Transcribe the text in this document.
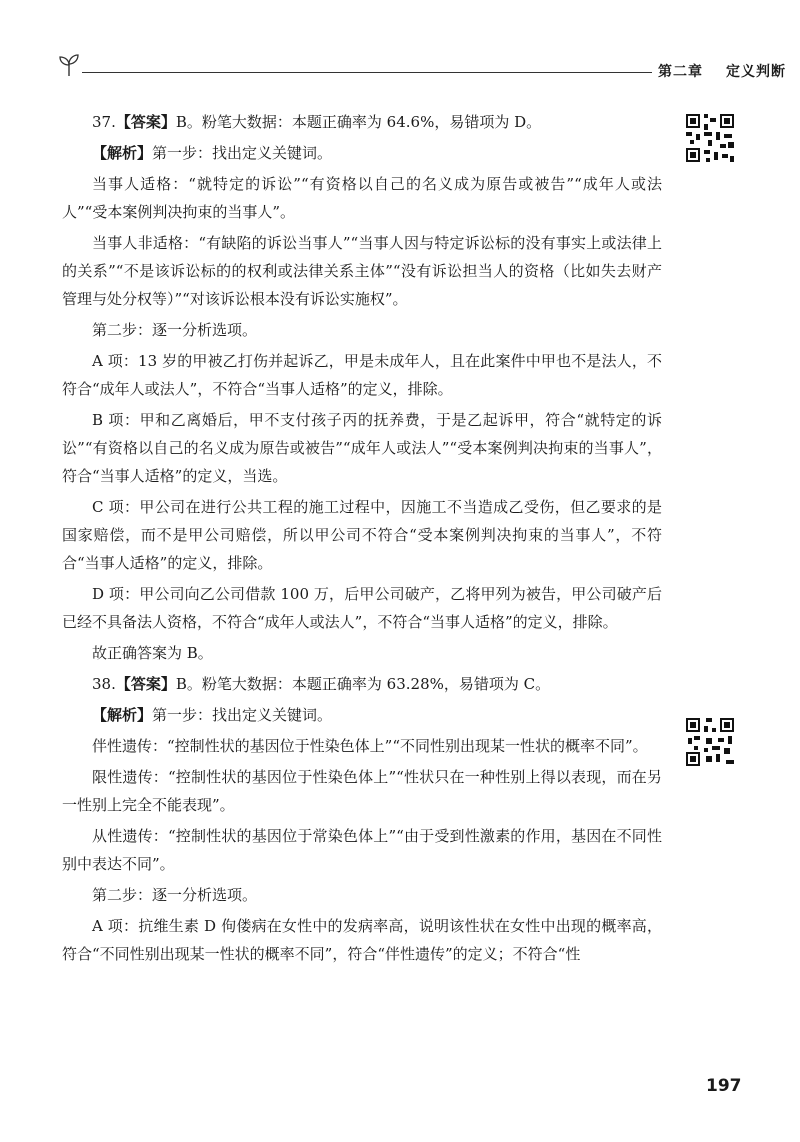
第二章 定义判断

37.【答案】B。粉笔大数据：本题正确率为 64.6%，易错项为 D。

【解析】第一步：找出定义关键词。

当事人适格：“就特定的诉讼”“有资格以自己的名义成为原告或被告”“成年人或法人”“受本案例判决拘束的当事人”。

当事人非适格：“有缺陷的诉讼当事人”“当事人因与特定诉讼标的没有事实上或法律上的关系”“不是该诉讼标的的权利或法律关系主体”“没有诉讼担当人的资格（比如失去财产管理与处分权等）”“对该诉讼根本没有诉讼实施权”。

第二步：逐一分析选项。

A 项：13 岁的甲被乙打伤并起诉乙，甲是未成年人，且在此案件中甲也不是法人，不符合“成年人或法人”，不符合“当事人适格”的定义，排除。

B 项：甲和乙离婚后，甲不支付孩子丙的抚养费，于是乙起诉甲，符合“就特定的诉讼”“有资格以自己的名义成为原告或被告”“成年人或法人”“受本案例判决拘束的当事人”，符合“当事人适格”的定义，当选。

C 项：甲公司在进行公共工程的施工过程中，因施工不当造成乙受伤，但乙要求的是国家赔偿，而不是甲公司赔偿，所以甲公司不符合“受本案例判决拘束的当事人”，不符合“当事人适格”的定义，排除。

D 项：甲公司向乙公司借款 100 万，后甲公司破产，乙将甲列为被告，甲公司破产后已经不具备法人资格，不符合“成年人或法人”，不符合“当事人适格”的定义，排除。

故正确答案为 B。

38.【答案】B。粉笔大数据：本题正确率为 63.28%，易错项为 C。

【解析】第一步：找出定义关键词。

伴性遗传：“控制性状的基因位于性染色体上”“不同性别出现某一性状的概率不同”。

限性遗传：“控制性状的基因位于性染色体上”“性状只在一种性别上得以表现，而在另一性别上完全不能表现”。

从性遗传：“控制性状的基因位于常染色体上”“由于受到性激素的作用，基因在不同性别中表达不同”。

第二步：逐一分析选项。

A 项：抗维生素 D 佝偻病在女性中的发病率高，说明该性状在女性中出现的概率高，符合“不同性别出现某一性状的概率不同”，符合“伴性遗传”的定义；不符合“性

197
